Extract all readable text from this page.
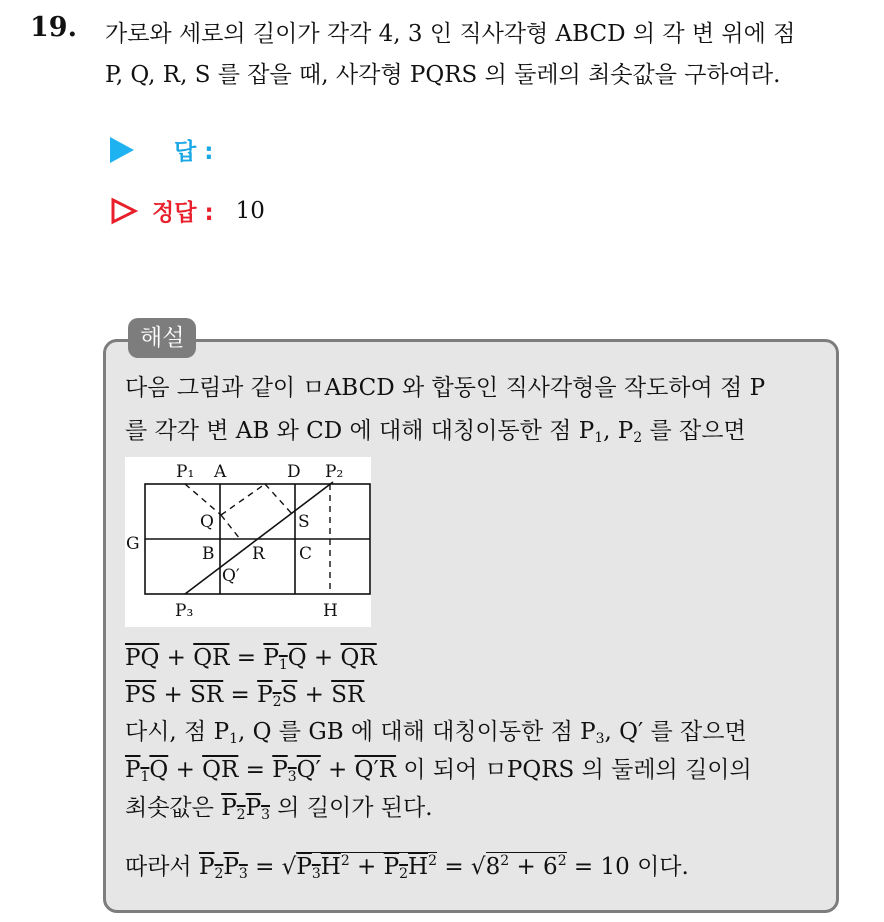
19. 가로와 세로의 길이가 각각 4, 3 인 직사각형 ABCD 의 각 변 위에 점
P, Q, R, S 를 잡을 때, 사각형 PQRS 의 둘레의 최솟값을 구하여라.
답 :
정답 : 10
해설
다음 그림과 같이 ㅁABCD 와 합동인 직사각형을 작도하여 점 P
를 각각 변 AB 와 CD 에 대해 대칭이동한 점 $P_1$, $P_2$ 를 잡으면
P₁ A	D P₂
Q	S
G	B R C
Q′
P₃	H
$\overline{PQ} + \overline{QR} = P_1Q + \overline{QR}$
$\overline{PS} + \overline{SR} = P_2S + \overline{SR}$
다시, 점 $P_1$, Q 를 GB 에 대해 대칭이동한 점 $P_3$, Q′ 를 잡으면
$P_1Q + \overline{QR} = P_3Q' + Q'R$ 이 되어 ㅁPQRS 의 둘레의 길이의
최솟값은 $P_2P_3$ 의 길이가 된다.
따라서 $P_2P_3 = √P_3H^2 + P_2H^2 = √8^2 + 6^2 = 10$ 이다.
